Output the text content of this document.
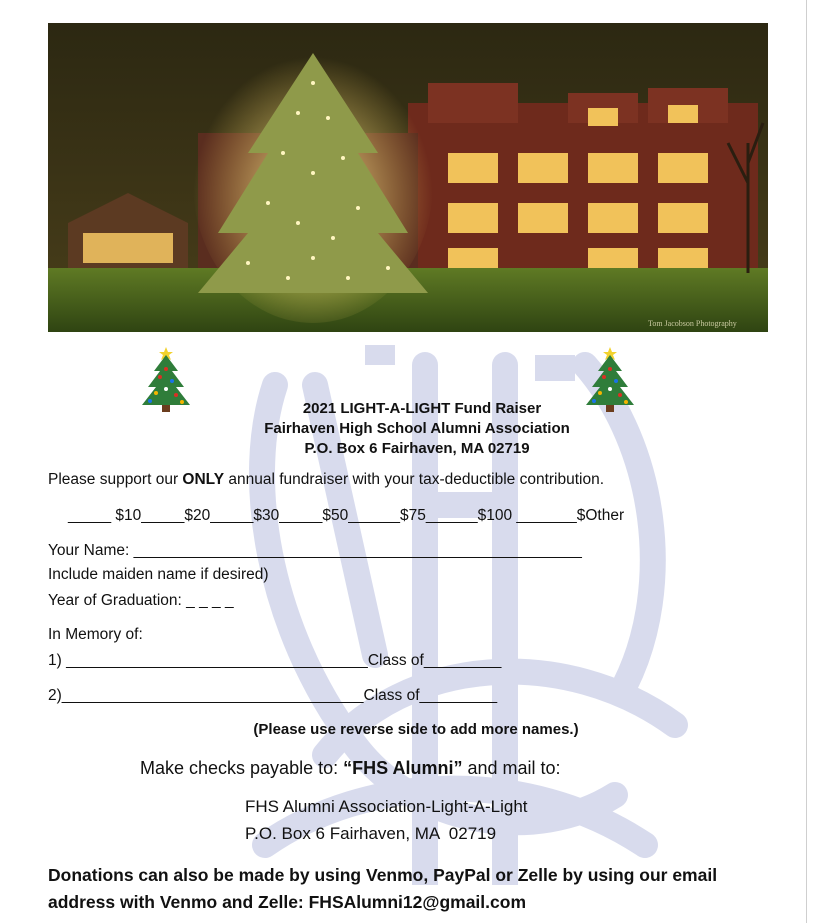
Tom Jacobson Photography
2021 LIGHT-A-LIGHT Fund Raiser
Fairhaven High School Alumni Association
P.O. Box 6 Fairhaven, MA 02719
Please support our ONLY annual fundraiser with your tax-deductible contribution.
_____ $10_____$20_____$30_____$50______$75______$100 _______$Other
Your Name: ____________________________________________________
Include maiden name if desired)
Year of Graduation: _ _ _ _
In Memory of:
1) ___________________________________Class of_________
2)___________________________________Class of_________
(Please use reverse side to add more names.)
Make checks payable to: “FHS Alumni” and mail to:
FHS Alumni Association-Light-A-Light
P.O. Box 6 Fairhaven, MA  02719
Donations can also be made by using Venmo, PayPal or Zelle by using our email
address with Venmo and Zelle: FHSAlumni12@gmail.com
